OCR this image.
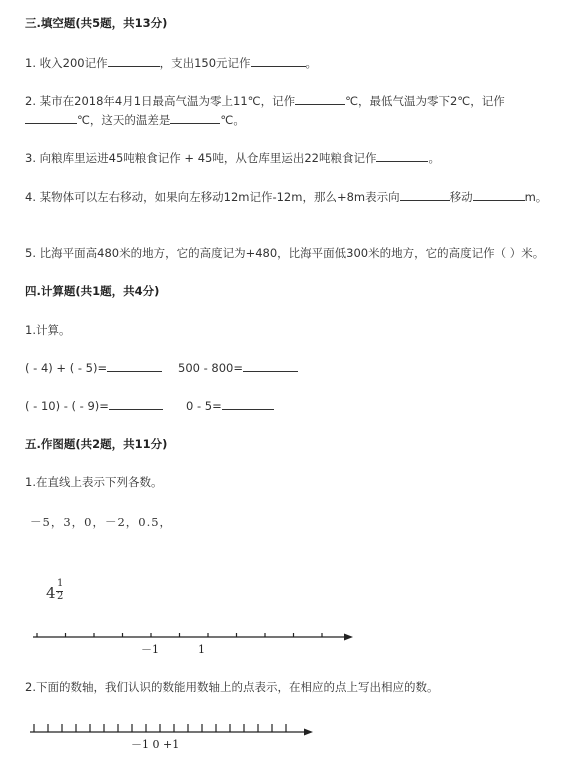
三.填空题(共5题，共13分)
1. 收入200记作	，支出150元记作	。
2. 某市在2018年4月1日最高气温为零上11℃，记作	℃，最低气温为零下2℃，记作
℃，这天的温差是	℃。
3. 向粮库里运进45吨粮食记作 + 45吨，从仓库里运出22吨粮食记作	。
4. 某物体可以左右移动，如果向左移动12m记作-12m，那么+8m表示向	移动	m。
5. 比海平面高480米的地方，它的高度记为+480，比海平面低300米的地方，它的高度记作（ ）米。
四.计算题(共1题，共4分)
1.计算。
( - 4) + ( - 5)=	500 - 800=
( - 10) - ( - 9)=	0 - 5=
五.作图题(共2题，共11分)
1.在直线上表示下列各数。
－5，3，0，－2，0.5，
4
1
2
－1	1
2.下面的数轴，我们认识的数能用数轴上的点表示，在相应的点上写出相应的数。
－1 0 +1
